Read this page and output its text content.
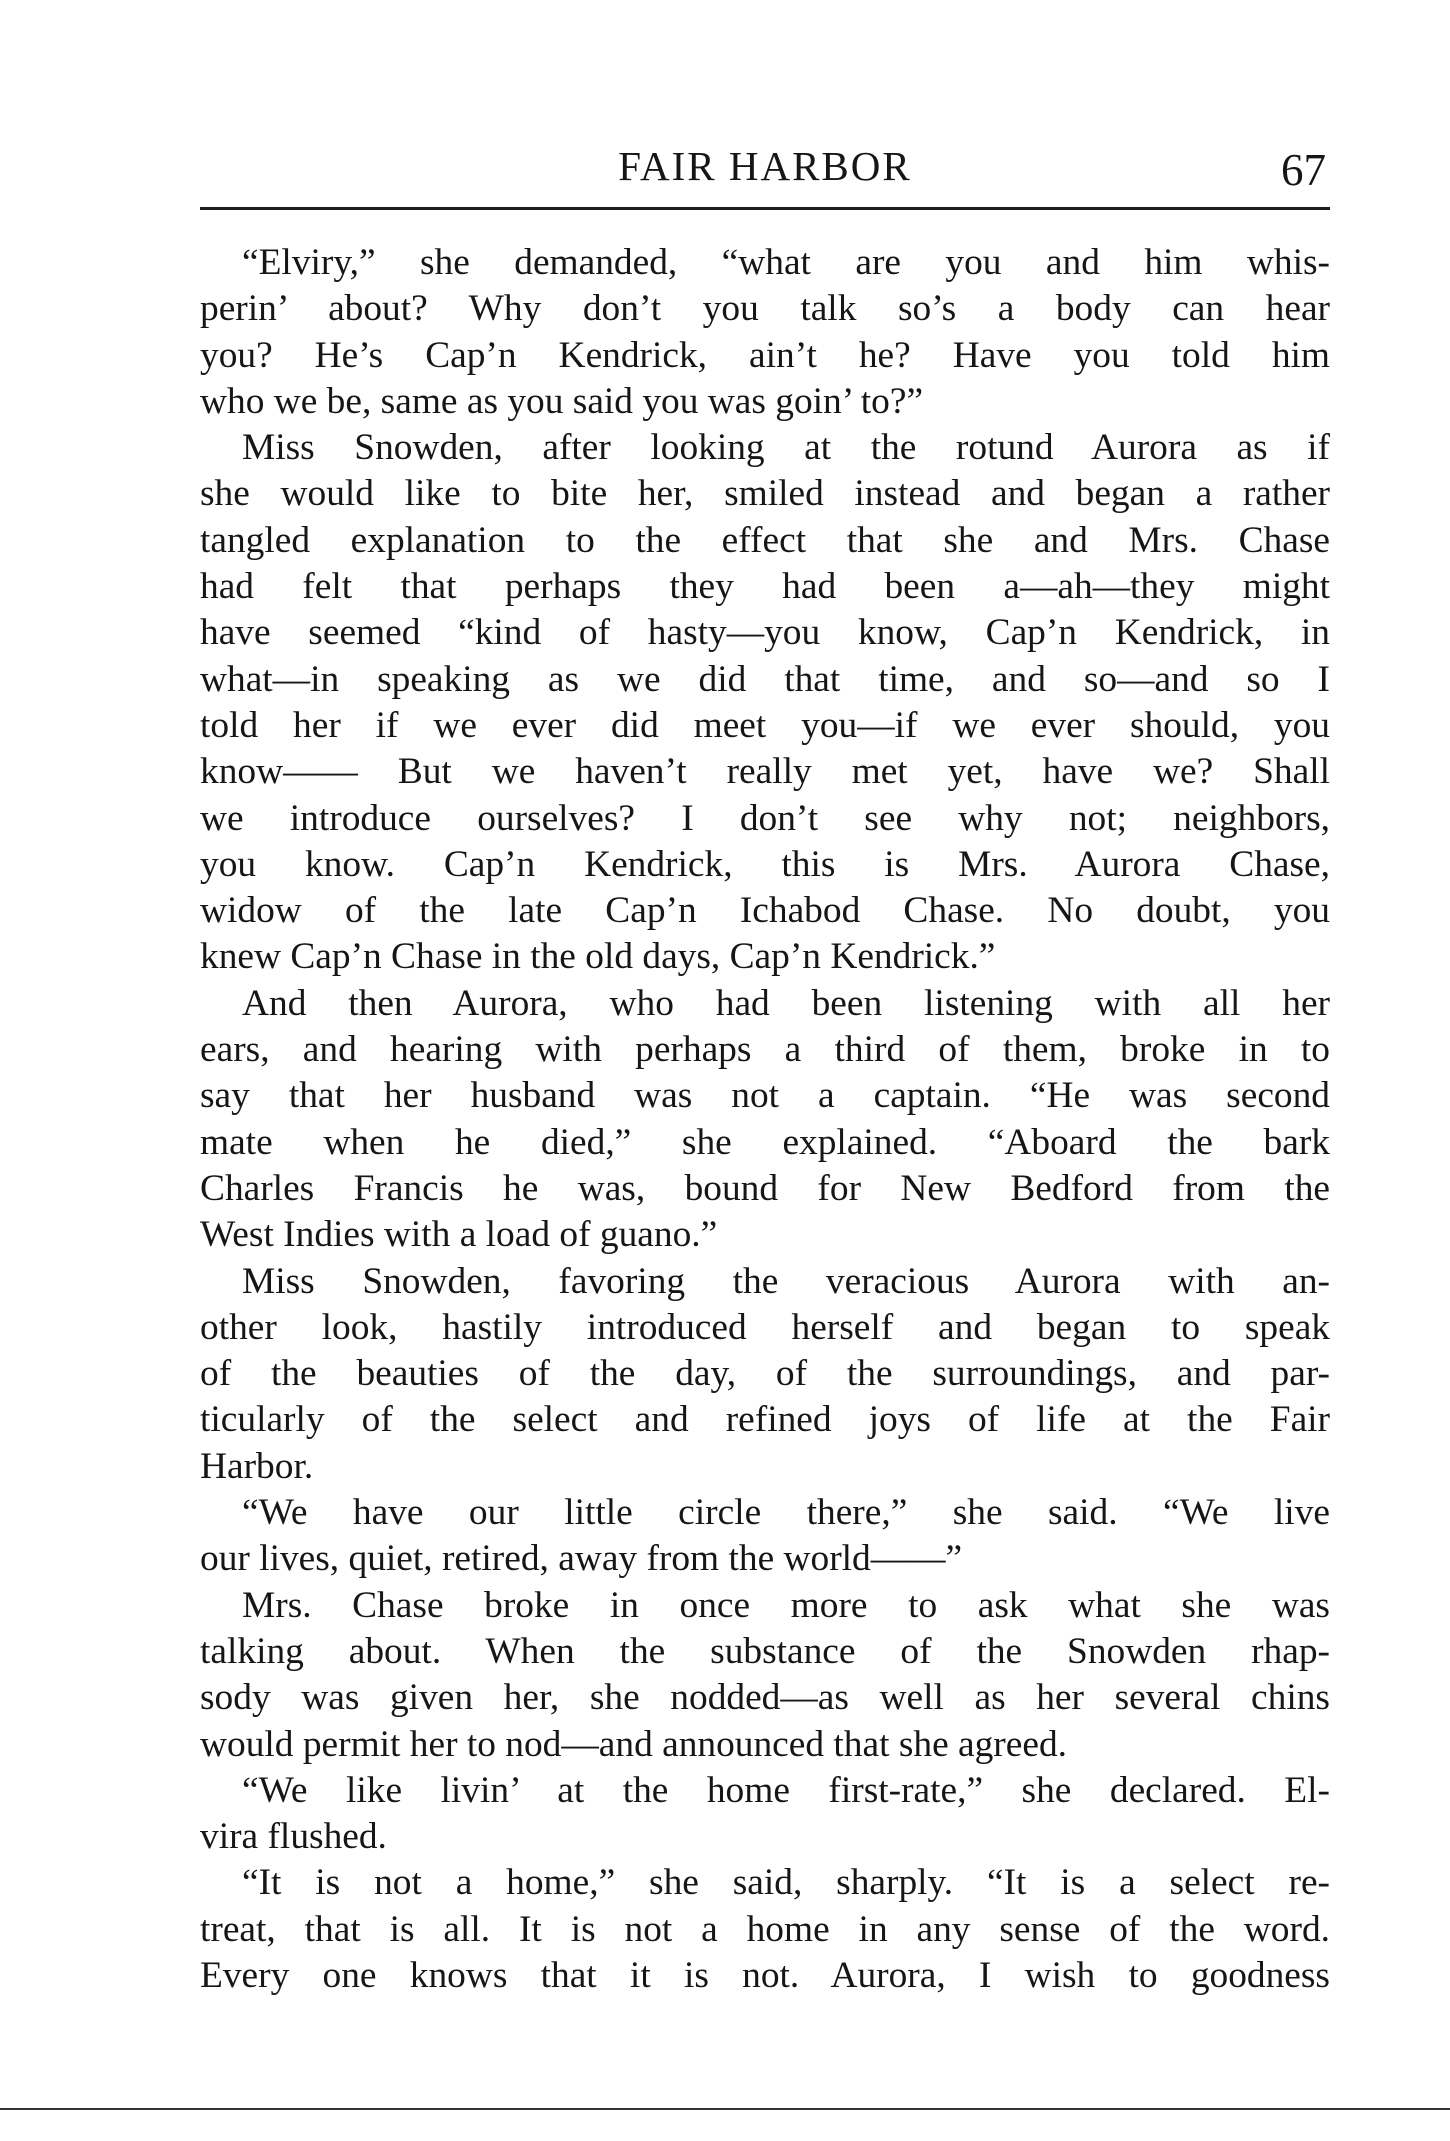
FAIR HARBOR	67

“Elviry,” she demanded, “what are you and him whis-
perin’ about? Why don’t you talk so’s a body can hear
you? He’s Cap’n Kendrick, ain’t he? Have you told him
who we be, same as you said you was goin’ to?”

Miss Snowden, after looking at the rotund Aurora as if
she would like to bite her, smiled instead and began a rather
tangled explanation to the effect that she and Mrs. Chase
had felt that perhaps they had been a—ah—they might
have seemed “kind of hasty—you know, Cap’n Kendrick, in
what—in speaking as we did that time, and so—and so I
told her if we ever did meet you—if we ever should, you
know—— But we haven’t really met yet, have we? Shall
we introduce ourselves? I don’t see why not; neighbors,
you know. Cap’n Kendrick, this is Mrs. Aurora Chase,
widow of the late Cap’n Ichabod Chase. No doubt, you
knew Cap’n Chase in the old days, Cap’n Kendrick.”

And then Aurora, who had been listening with all her
ears, and hearing with perhaps a third of them, broke in to
say that her husband was not a captain. “He was second
mate when he died,” she explained. “Aboard the bark
Charles Francis he was, bound for New Bedford from the
West Indies with a load of guano.”

Miss Snowden, favoring the veracious Aurora with an-
other look, hastily introduced herself and began to speak
of the beauties of the day, of the surroundings, and par-
ticularly of the select and refined joys of life at the Fair
Harbor.

“We have our little circle there,” she said. “We live
our lives, quiet, retired, away from the world——”

Mrs. Chase broke in once more to ask what she was
talking about. When the substance of the Snowden rhap-
sody was given her, she nodded—as well as her several chins
would permit her to nod—and announced that she agreed.

“We like livin’ at the home first-rate,” she declared. El-
vira flushed.

“It is not a home,” she said, sharply. “It is a select re-
treat, that is all. It is not a home in any sense of the word.
Every one knows that it is not. Aurora, I wish to goodness
